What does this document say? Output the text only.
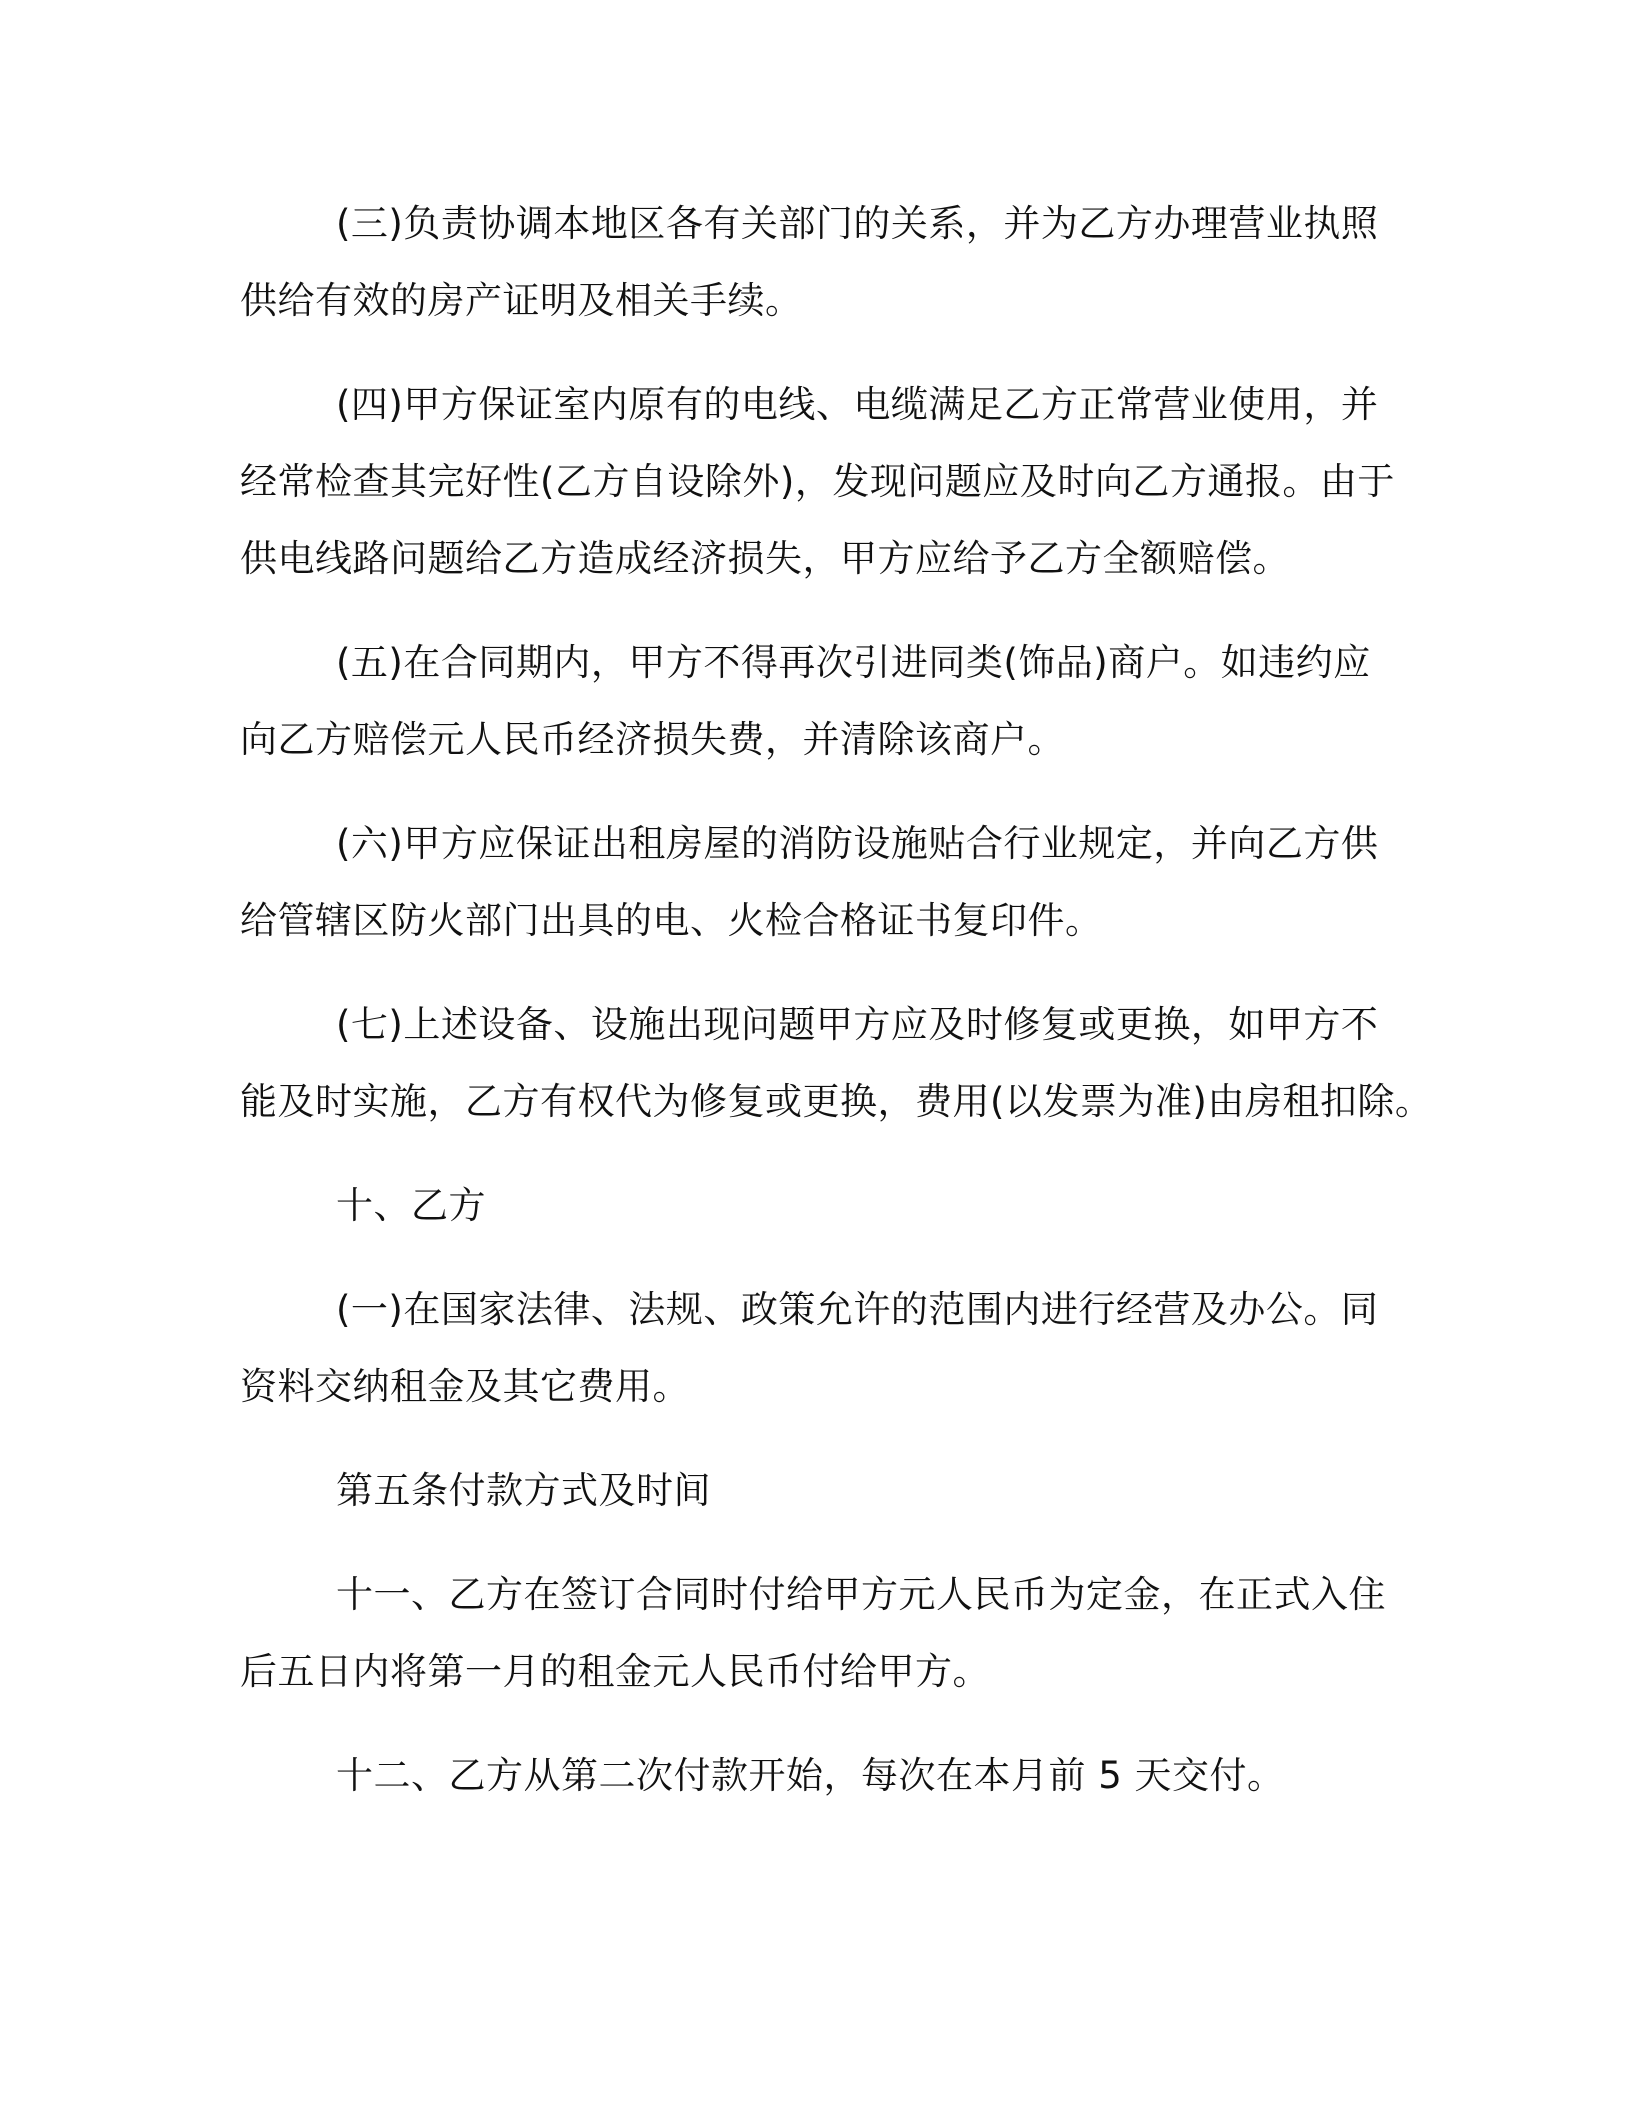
(三)负责协调本地区各有关部门的关系，并为乙方办理营业执照
供给有效的房产证明及相关手续。
(四)甲方保证室内原有的电线、电缆满足乙方正常营业使用，并
经常检查其完好性(乙方自设除外)，发现问题应及时向乙方通报。由于
供电线路问题给乙方造成经济损失，甲方应给予乙方全额赔偿。
(五)在合同期内，甲方不得再次引进同类(饰品)商户。如违约应
向乙方赔偿元人民币经济损失费，并清除该商户。
(六)甲方应保证出租房屋的消防设施贴合行业规定，并向乙方供
给管辖区防火部门出具的电、火检合格证书复印件。
(七)上述设备、设施出现问题甲方应及时修复或更换，如甲方不
能及时实施，乙方有权代为修复或更换，费用(以发票为准)由房租扣除。
十、乙方
(一)在国家法律、法规、政策允许的范围内进行经营及办公。同
资料交纳租金及其它费用。
第五条付款方式及时间
十一、乙方在签订合同时付给甲方元人民币为定金，在正式入住
后五日内将第一月的租金元人民币付给甲方。
十二、乙方从第二次付款开始，每次在本月前 5 天交付。
